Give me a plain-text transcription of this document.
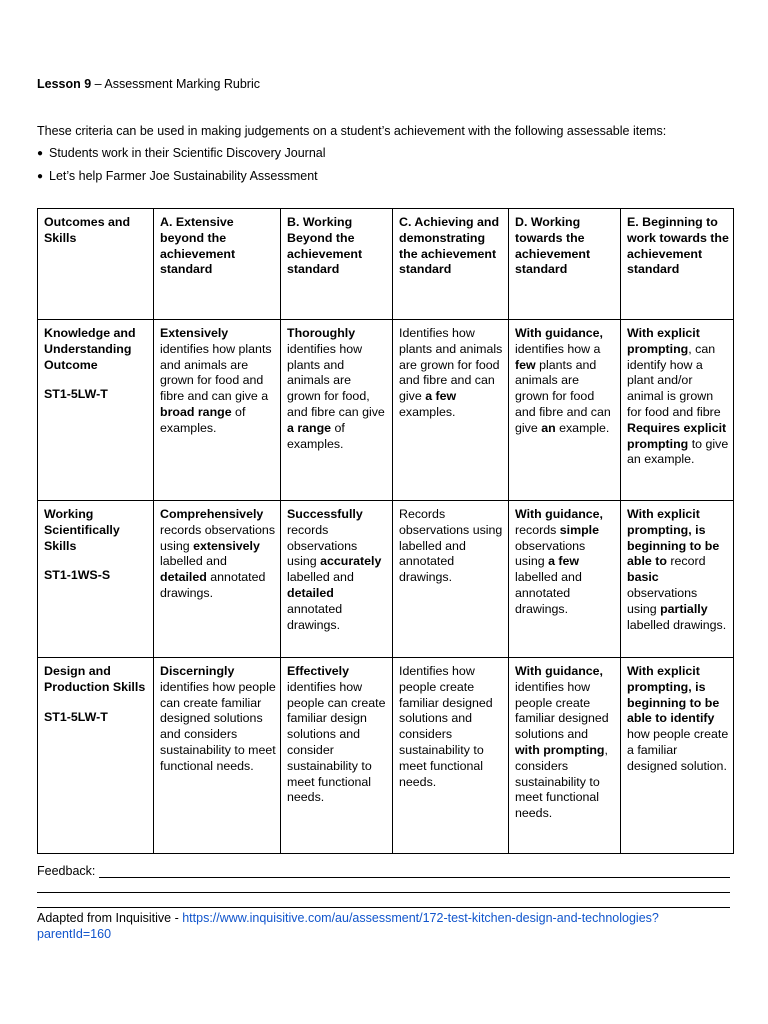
Lesson 9 – Assessment Marking Rubric
These criteria can be used in making judgements on a student’s achievement with the following assessable items:
● Students work in their Scientific Discovery Journal
● Let’s help Farmer Joe Sustainability Assessment
Outcomes and Skills	A. Extensive beyond the achievement standard	B. Working Beyond the achievement standard	C. Achieving and demonstrating the achievement standard	D. Working towards the achievement standard	E. Beginning to work towards the achievement standard
Knowledge and Understanding Outcome
ST1-5LW-T	Extensively identifies how plants and animals are grown for food and fibre and can give a broad range of examples.	Thoroughly identifies how plants and animals are grown for food, and fibre can give a range of examples.	Identifies how plants and animals are grown for food and fibre and can give a few examples.	With guidance, identifies how a few plants and animals are grown for food and fibre and can give an example.	With explicit prompting, can identify how a plant and/or animal is grown for food and fibre Requires explicit prompting to give an example.
Working Scientifically Skills
ST1-1WS-S	Comprehensively records observations using extensively labelled and detailed annotated drawings.	Successfully records observations using accurately labelled and detailed annotated drawings.	Records observations using labelled and annotated drawings.	With guidance, records simple observations using a few labelled and annotated drawings.	With explicit prompting, is beginning to be able to record basic observations using partially labelled drawings.
Design and Production Skills
ST1-5LW-T	Discerningly identifies how people can create familiar designed solutions and considers sustainability to meet functional needs.	Effectively identifies how people can create familiar design solutions and consider sustainability to meet functional needs.	Identifies how people create familiar designed solutions and considers sustainability to meet functional needs.	With guidance, identifies how people create familiar designed solutions and with prompting, considers sustainability to meet functional needs.	With explicit prompting, is beginning to be able to identify how people create a familiar designed solution.
Feedback:
Adapted from Inquisitive - https://www.inquisitive.com/au/assessment/172-test-kitchen-design-and-technologies?parentId=160
